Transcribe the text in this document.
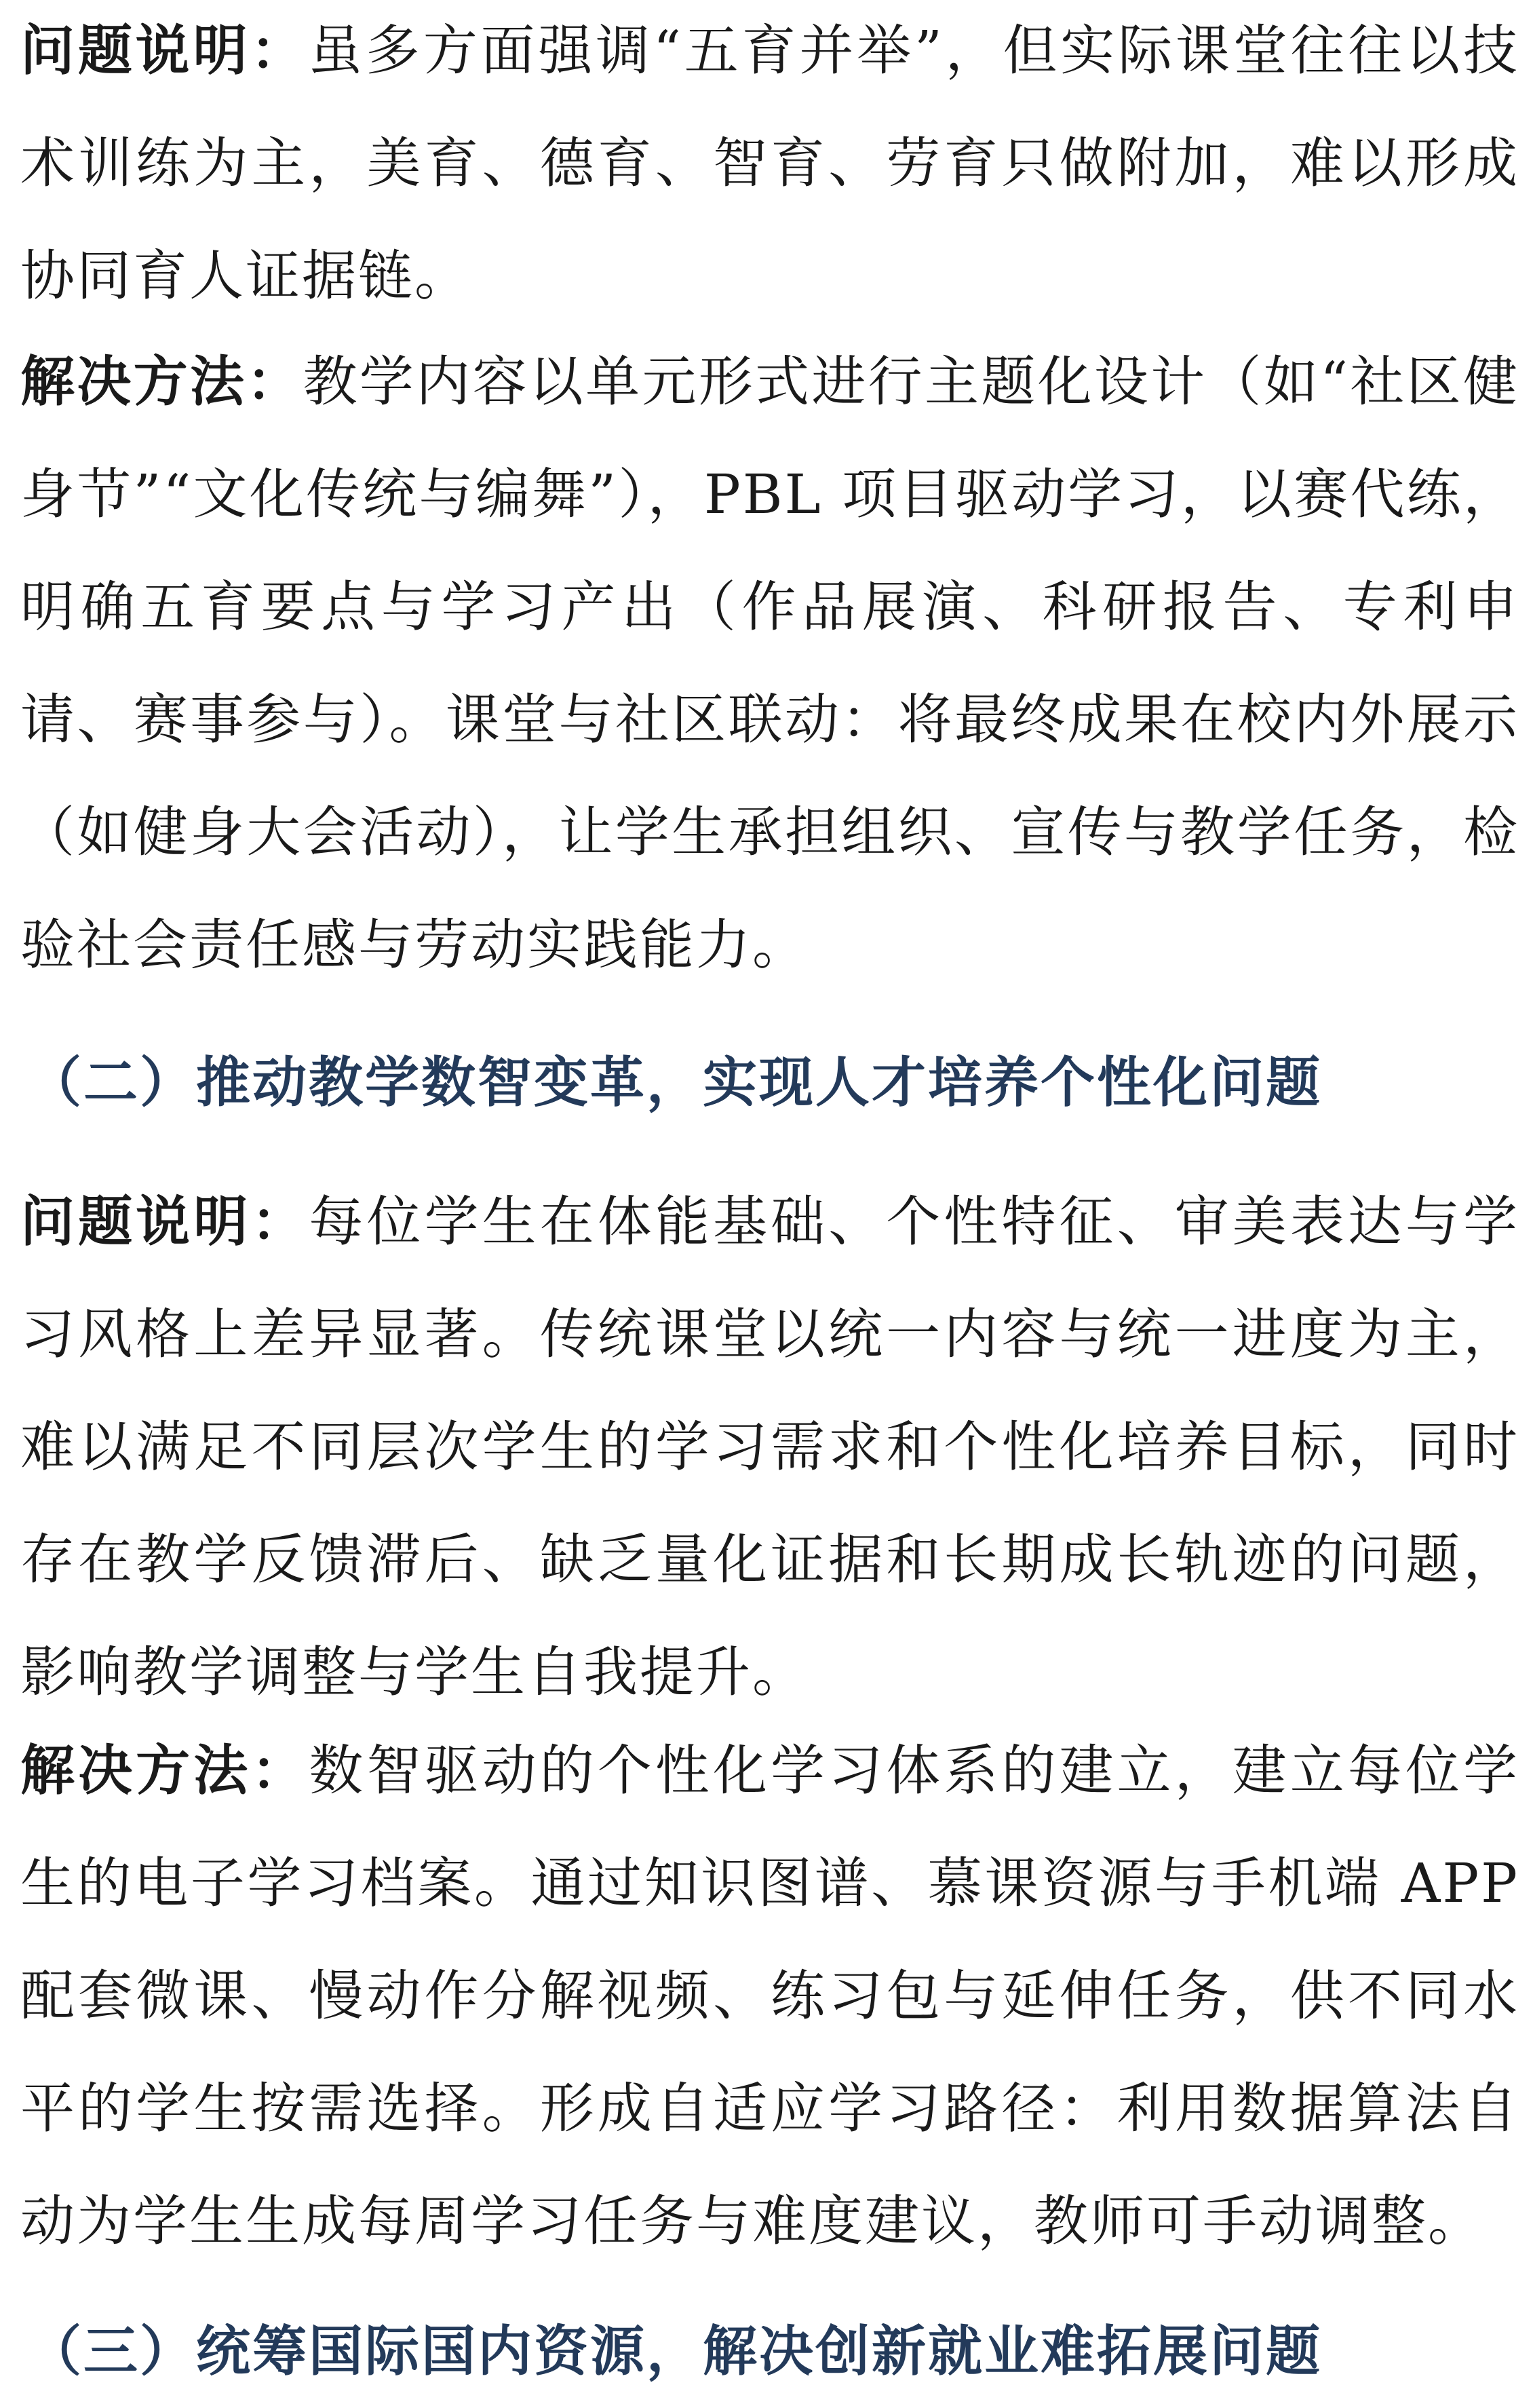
问题说明：虽多方面强调“五育并举”，但实际课堂往往以技术训练为主，美育、德育、智育、劳育只做附加，难以形成协同育人证据链。

解决方法：教学内容以单元形式进行主题化设计（如“社区健身节”“文化传统与编舞”），PBL 项目驱动学习，以赛代练，明确五育要点与学习产出（作品展演、科研报告、专利申请、赛事参与）。课堂与社区联动：将最终成果在校内外展示（如健身大会活动），让学生承担组织、宣传与教学任务，检验社会责任感与劳动实践能力。

（二）推动教学数智变革，实现人才培养个性化问题

问题说明：每位学生在体能基础、个性特征、审美表达与学习风格上差异显著。传统课堂以统一内容与统一进度为主，难以满足不同层次学生的学习需求和个性化培养目标，同时存在教学反馈滞后、缺乏量化证据和长期成长轨迹的问题，影响教学调整与学生自我提升。

解决方法：数智驱动的个性化学习体系的建立，建立每位学生的电子学习档案。通过知识图谱、慕课资源与手机端 APP 配套微课、慢动作分解视频、练习包与延伸任务，供不同水平的学生按需选择。形成自适应学习路径：利用数据算法自动为学生生成每周学习任务与难度建议，教师可手动调整。

（三）统筹国际国内资源，解决创新就业难拓展问题
